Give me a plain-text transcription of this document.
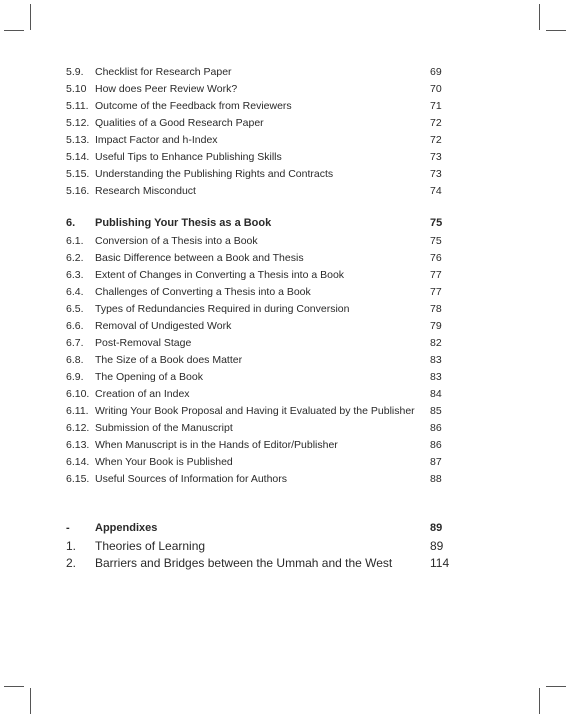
5.9. Checklist for Research Paper	69
5.10 How does Peer Review Work?	70
5.11. Outcome of the Feedback from Reviewers	71
5.12. Qualities of a Good Research Paper	72
5.13. Impact Factor and h-Index	72
5.14. Useful Tips to Enhance Publishing Skills	73
5.15. Understanding the Publishing Rights and Contracts	73
5.16. Research Misconduct	74
6. Publishing Your Thesis as a Book	75
6.1. Conversion of a Thesis into a Book	75
6.2. Basic Difference between a Book and Thesis	76
6.3. Extent of Changes in Converting a Thesis into a Book	77
6.4. Challenges of Converting a Thesis into a Book	77
6.5. Types of Redundancies Required in during Conversion	78
6.6. Removal of Undigested Work	79
6.7. Post-Removal Stage	82
6.8. The Size of a Book does Matter	83
6.9. The Opening of a Book	83
6.10. Creation of an Index	84
6.11. Writing Your Book Proposal and Having it Evaluated by the Publisher 85
6.12. Submission of the Manuscript	86
6.13. When Manuscript is in the Hands of Editor/Publisher	86
6.14. When Your Book is Published	87
6.15. Useful Sources of Information for Authors	88
- Appendixes	89
1. Theories of Learning	89
2. Barriers and Bridges between the Ummah and the West	114
